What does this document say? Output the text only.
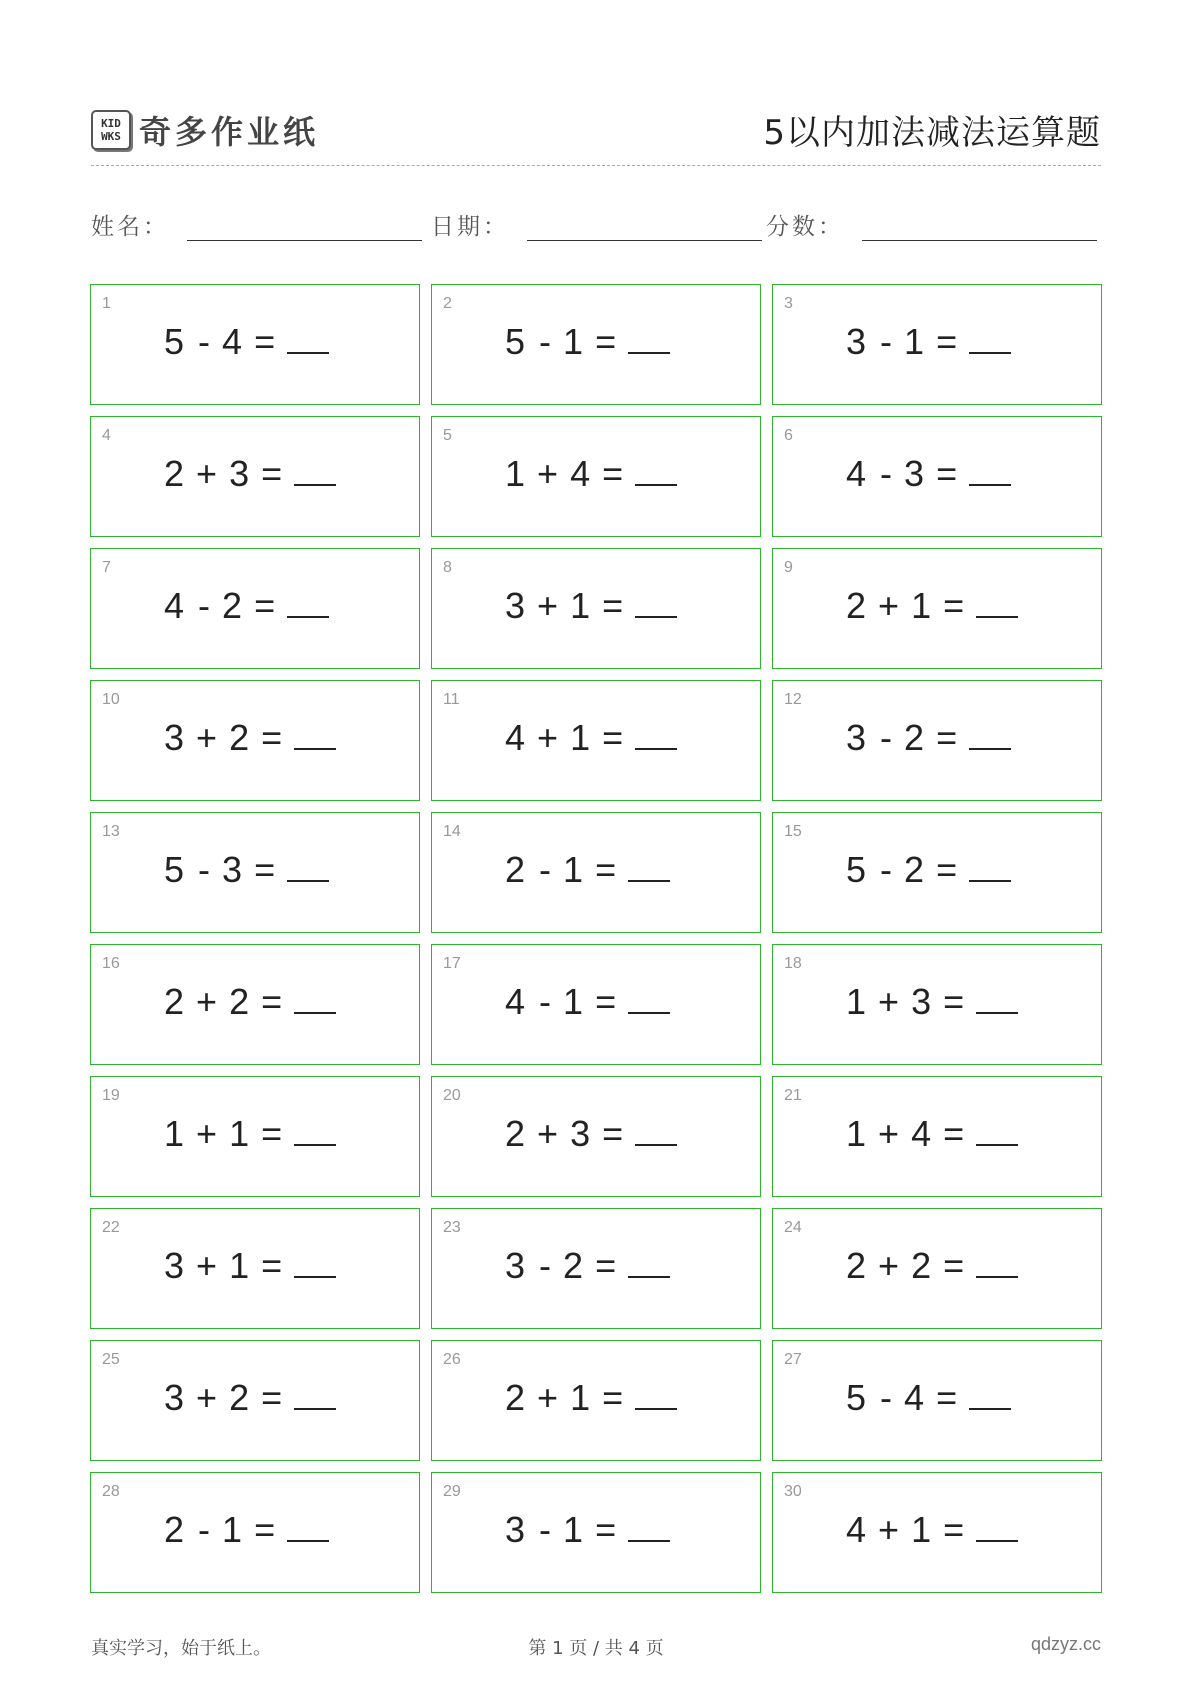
KID
WKS 奇多作业纸	5以内加法减法运算题
姓名：	日期：	分数：
1
5 - 4 =
2
5 - 1 =
3
3 - 1 =
4
2 + 3 =
5
1 + 4 =
6
4 - 3 =
7
4 - 2 =
8
3 + 1 =
9
2 + 1 =
10
3 + 2 =
11
4 + 1 =
12
3 - 2 =
13
5 - 3 =
14
2 - 1 =
15
5 - 2 =
16
2 + 2 =
17
4 - 1 =
18
1 + 3 =
19
1 + 1 =
20
2 + 3 =
21
1 + 4 =
22
3 + 1 =
23
3 - 2 =
24
2 + 2 =
25
3 + 2 =
26
2 + 1 =
27
5 - 4 =
28
2 - 1 =
29
3 - 1 =
30
4 + 1 =
真实学习，始于纸上。	第 1 页 / 共 4 页	qdzyz.cc
